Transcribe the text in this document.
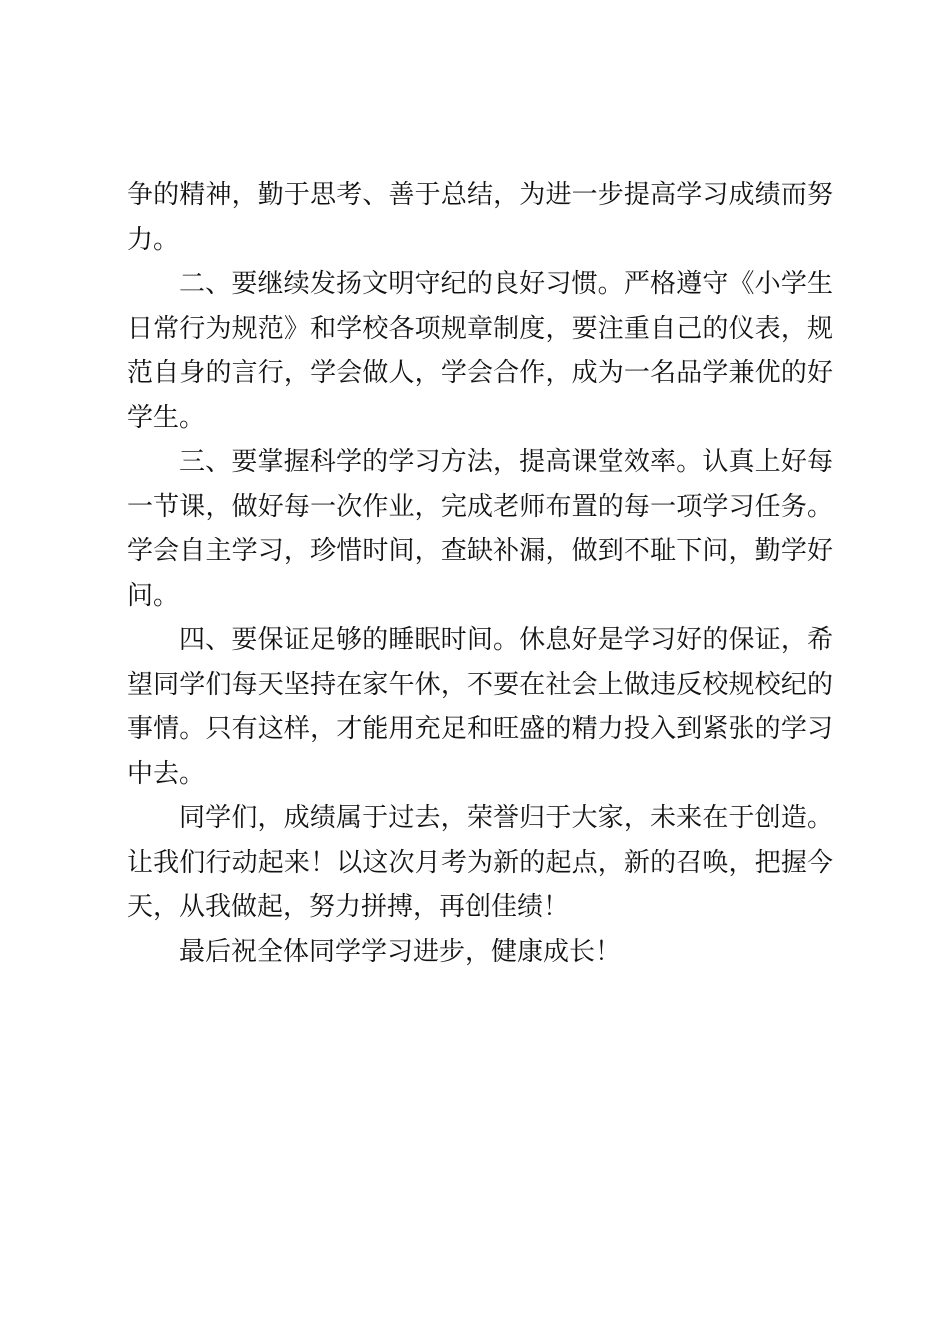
争的精神，勤于思考、善于总结，为进一步提高学习成绩而努力。

二、要继续发扬文明守纪的良好习惯。严格遵守《小学生日常行为规范》和学校各项规章制度，要注重自己的仪表，规范自身的言行，学会做人，学会合作，成为一名品学兼优的好学生。

三、要掌握科学的学习方法，提高课堂效率。认真上好每一节课，做好每一次作业，完成老师布置的每一项学习任务。学会自主学习，珍惜时间，查缺补漏，做到不耻下问，勤学好问。

四、要保证足够的睡眠时间。休息好是学习好的保证，希望同学们每天坚持在家午休，不要在社会上做违反校规校纪的事情。只有这样，才能用充足和旺盛的精力投入到紧张的学习中去。

同学们，成绩属于过去，荣誉归于大家，未来在于创造。让我们行动起来！以这次月考为新的起点，新的召唤，把握今天，从我做起，努力拼搏，再创佳绩！

最后祝全体同学学习进步，健康成长！
